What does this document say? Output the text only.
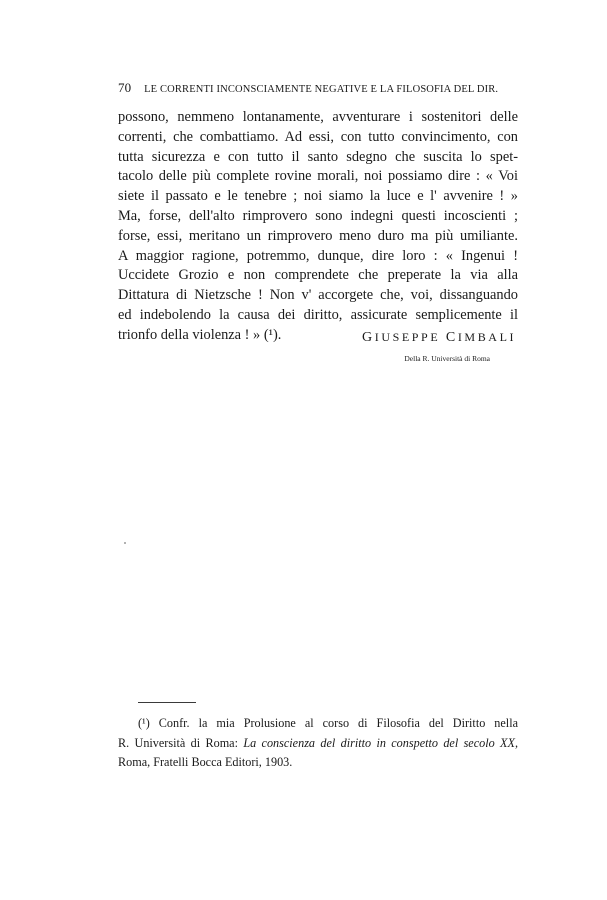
70 LE CORRENTI INCONSCIAMENTE NEGATIVE E LA FILOSOFIA DEL DIR.
possono, nemmeno lontanamente, avventurare i sostenitori delle
correnti, che combattiamo. Ad essi, con tutto convincimento, con
tutta sicurezza e con tutto il santo sdegno che suscita lo spet-
tacolo delle più complete rovine morali, noi possiamo dire : « Voi
siete il passato e le tenebre ; noi siamo la luce e l' avvenire ! »
Ma, forse, dell'alto rimprovero sono indegni questi incoscienti ;
forse, essi, meritano un rimprovero meno duro ma più umiliante.
A maggior ragione, potremmo, dunque, dire loro : « Ingenui !
Uccidete Grozio e non comprendete che preperate la via alla
Dittatura di Nietzsche ! Non v' accorgete che, voi, dissanguando
ed indebolendo la causa dei diritto, assicurate semplicemente il
trionfo della violenza ! » (¹).	GIUSEPPE CIMBALI
Della R. Università di Roma
(¹) Confr. la mia Prolusione al corso di Filosofia del Diritto nella
R. Università di Roma: La conscienza del diritto in conspetto del secolo XX,
Roma, Fratelli Bocca Editori, 1903.
